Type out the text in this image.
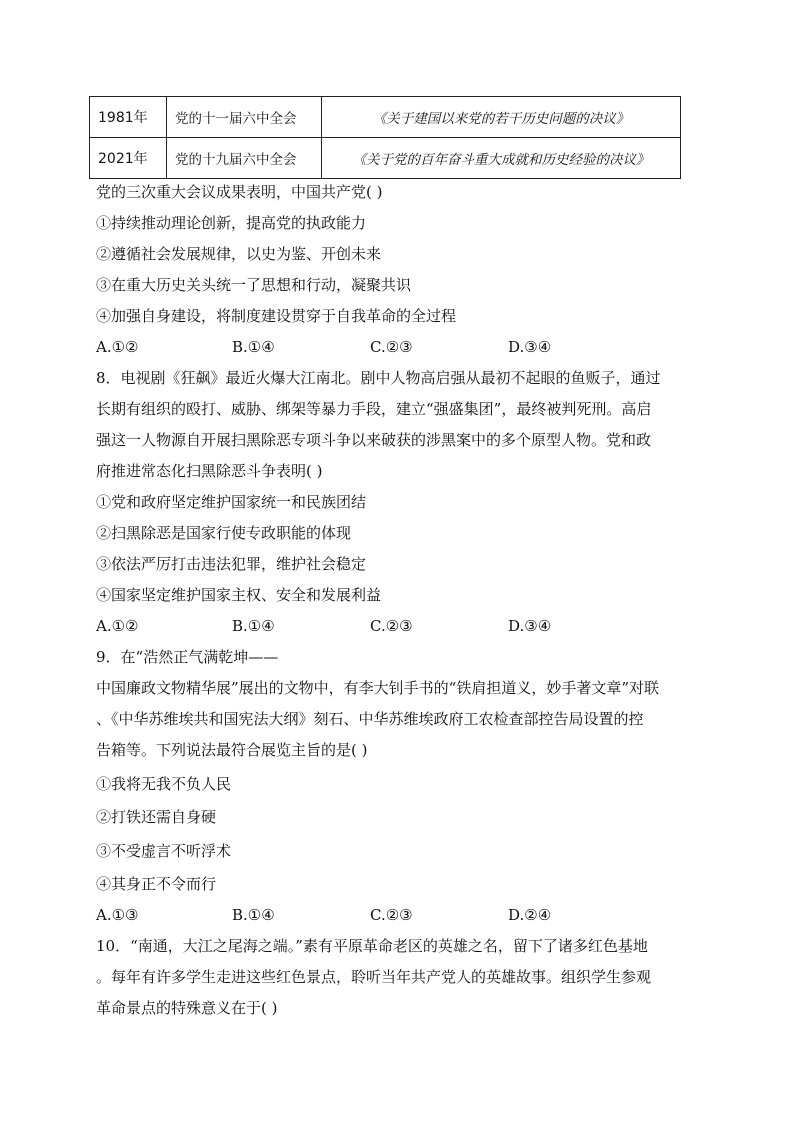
1981年	党的十一届六中全会	《关于建国以来党的若干历史问题的决议》
2021年	党的十九届六中全会	《关于党的百年奋斗重大成就和历史经验的决议》
党的三次重大会议成果表明，中国共产党( )
①持续推动理论创新，提高党的执政能力
②遵循社会发展规律，以史为鉴、开创未来
③在重大历史关头统一了思想和行动，凝聚共识
④加强自身建设，将制度建设贯穿于自我革命的全过程
A.①②	B.①④	C.②③	D.③④
8．电视剧《狂飙》最近火爆大江南北。剧中人物高启强从最初不起眼的鱼贩子，通过
长期有组织的殴打、威胁、绑架等暴力手段，建立“强盛集团”，最终被判死刑。高启
强这一人物源自开展扫黑除恶专项斗争以来破获的涉黑案中的多个原型人物。党和政
府推进常态化扫黑除恶斗争表明( )
①党和政府坚定维护国家统一和民族团结
②扫黑除恶是国家行使专政职能的体现
③依法严厉打击违法犯罪，维护社会稳定
④国家坚定维护国家主权、安全和发展利益
A.①②	B.①④	C.②③	D.③④
9．在“浩然正气满乾坤——
中国廉政文物精华展”展出的文物中，有李大钊手书的“铁肩担道义，妙手著文章”对联
、《中华苏维埃共和国宪法大纲》刻石、中华苏维埃政府工农检查部控告局设置的控
告箱等。下列说法最符合展览主旨的是( )
①我将无我不负人民
②打铁还需自身硬
③不受虚言不听浮术
④其身正不令而行
A.①③	B.①④	C.②③	D.②④
10．“南通，大江之尾海之端。”素有平原革命老区的英雄之名，留下了诸多红色基地
。每年有许多学生走进这些红色景点，聆听当年共产党人的英雄故事。组织学生参观
革命景点的特殊意义在于( )
